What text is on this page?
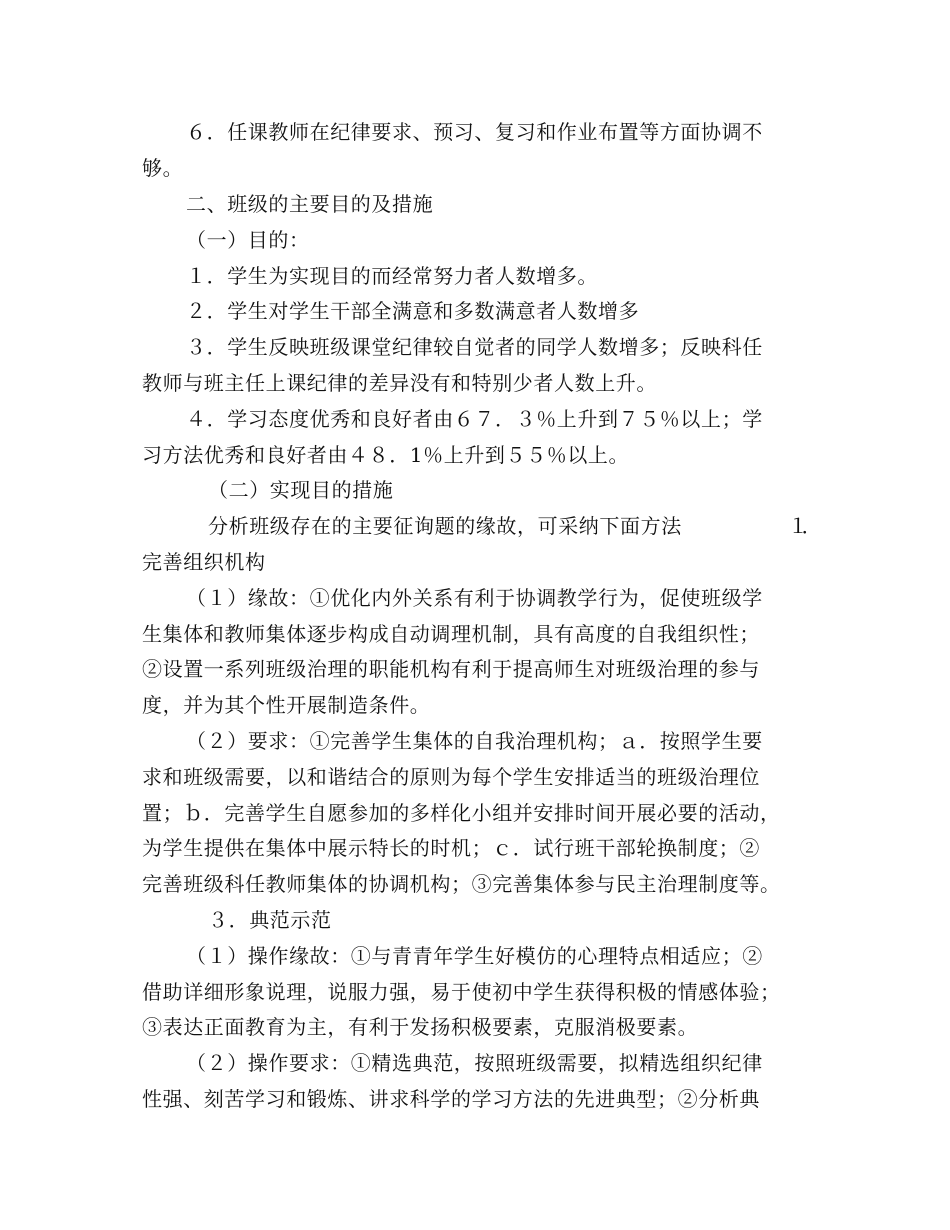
６．任课教师在纪律要求、预习、复习和作业布置等方面协调不
够。
二、班级的主要目的及措施
（一）目的：
１．学生为实现目的而经常努力者人数增多。
２．学生对学生干部全满意和多数满意者人数增多
３．学生反映班级课堂纪律较自觉者的同学人数增多；反映科任
教师与班主任上课纪律的差异没有和特别少者人数上升。
４．学习态度优秀和良好者由６７．３％上升到７５％以上；学
习方法优秀和良好者由４８．1％上升到５５％以上。
（二）实现目的措施
分析班级存在的主要征询题的缘故，可采纳下面方法	１．
完善组织机构
（１）缘故：①优化内外关系有利于协调教学行为，促使班级学
生集体和教师集体逐步构成自动调理机制，具有高度的自我组织性；
②设置一系列班级治理的职能机构有利于提高师生对班级治理的参与
度，并为其个性开展制造条件。
（２）要求：①完善学生集体的自我治理机构；ａ．按照学生要
求和班级需要，以和谐结合的原则为每个学生安排适当的班级治理位
置；ｂ．完善学生自愿参加的多样化小组并安排时间开展必要的活动，
为学生提供在集体中展示特长的时机；ｃ．试行班干部轮换制度；②
完善班级科任教师集体的协调机构；③完善集体参与民主治理制度等。
３．典范示范
（１）操作缘故：①与青青年学生好模仿的心理特点相适应；②
借助详细形象说理，说服力强，易于使初中学生获得积极的情感体验；
③表达正面教育为主，有利于发扬积极要素，克服消极要素。
（２）操作要求：①精选典范，按照班级需要，拟精选组织纪律
性强、刻苦学习和锻炼、讲求科学的学习方法的先进典型；②分析典
